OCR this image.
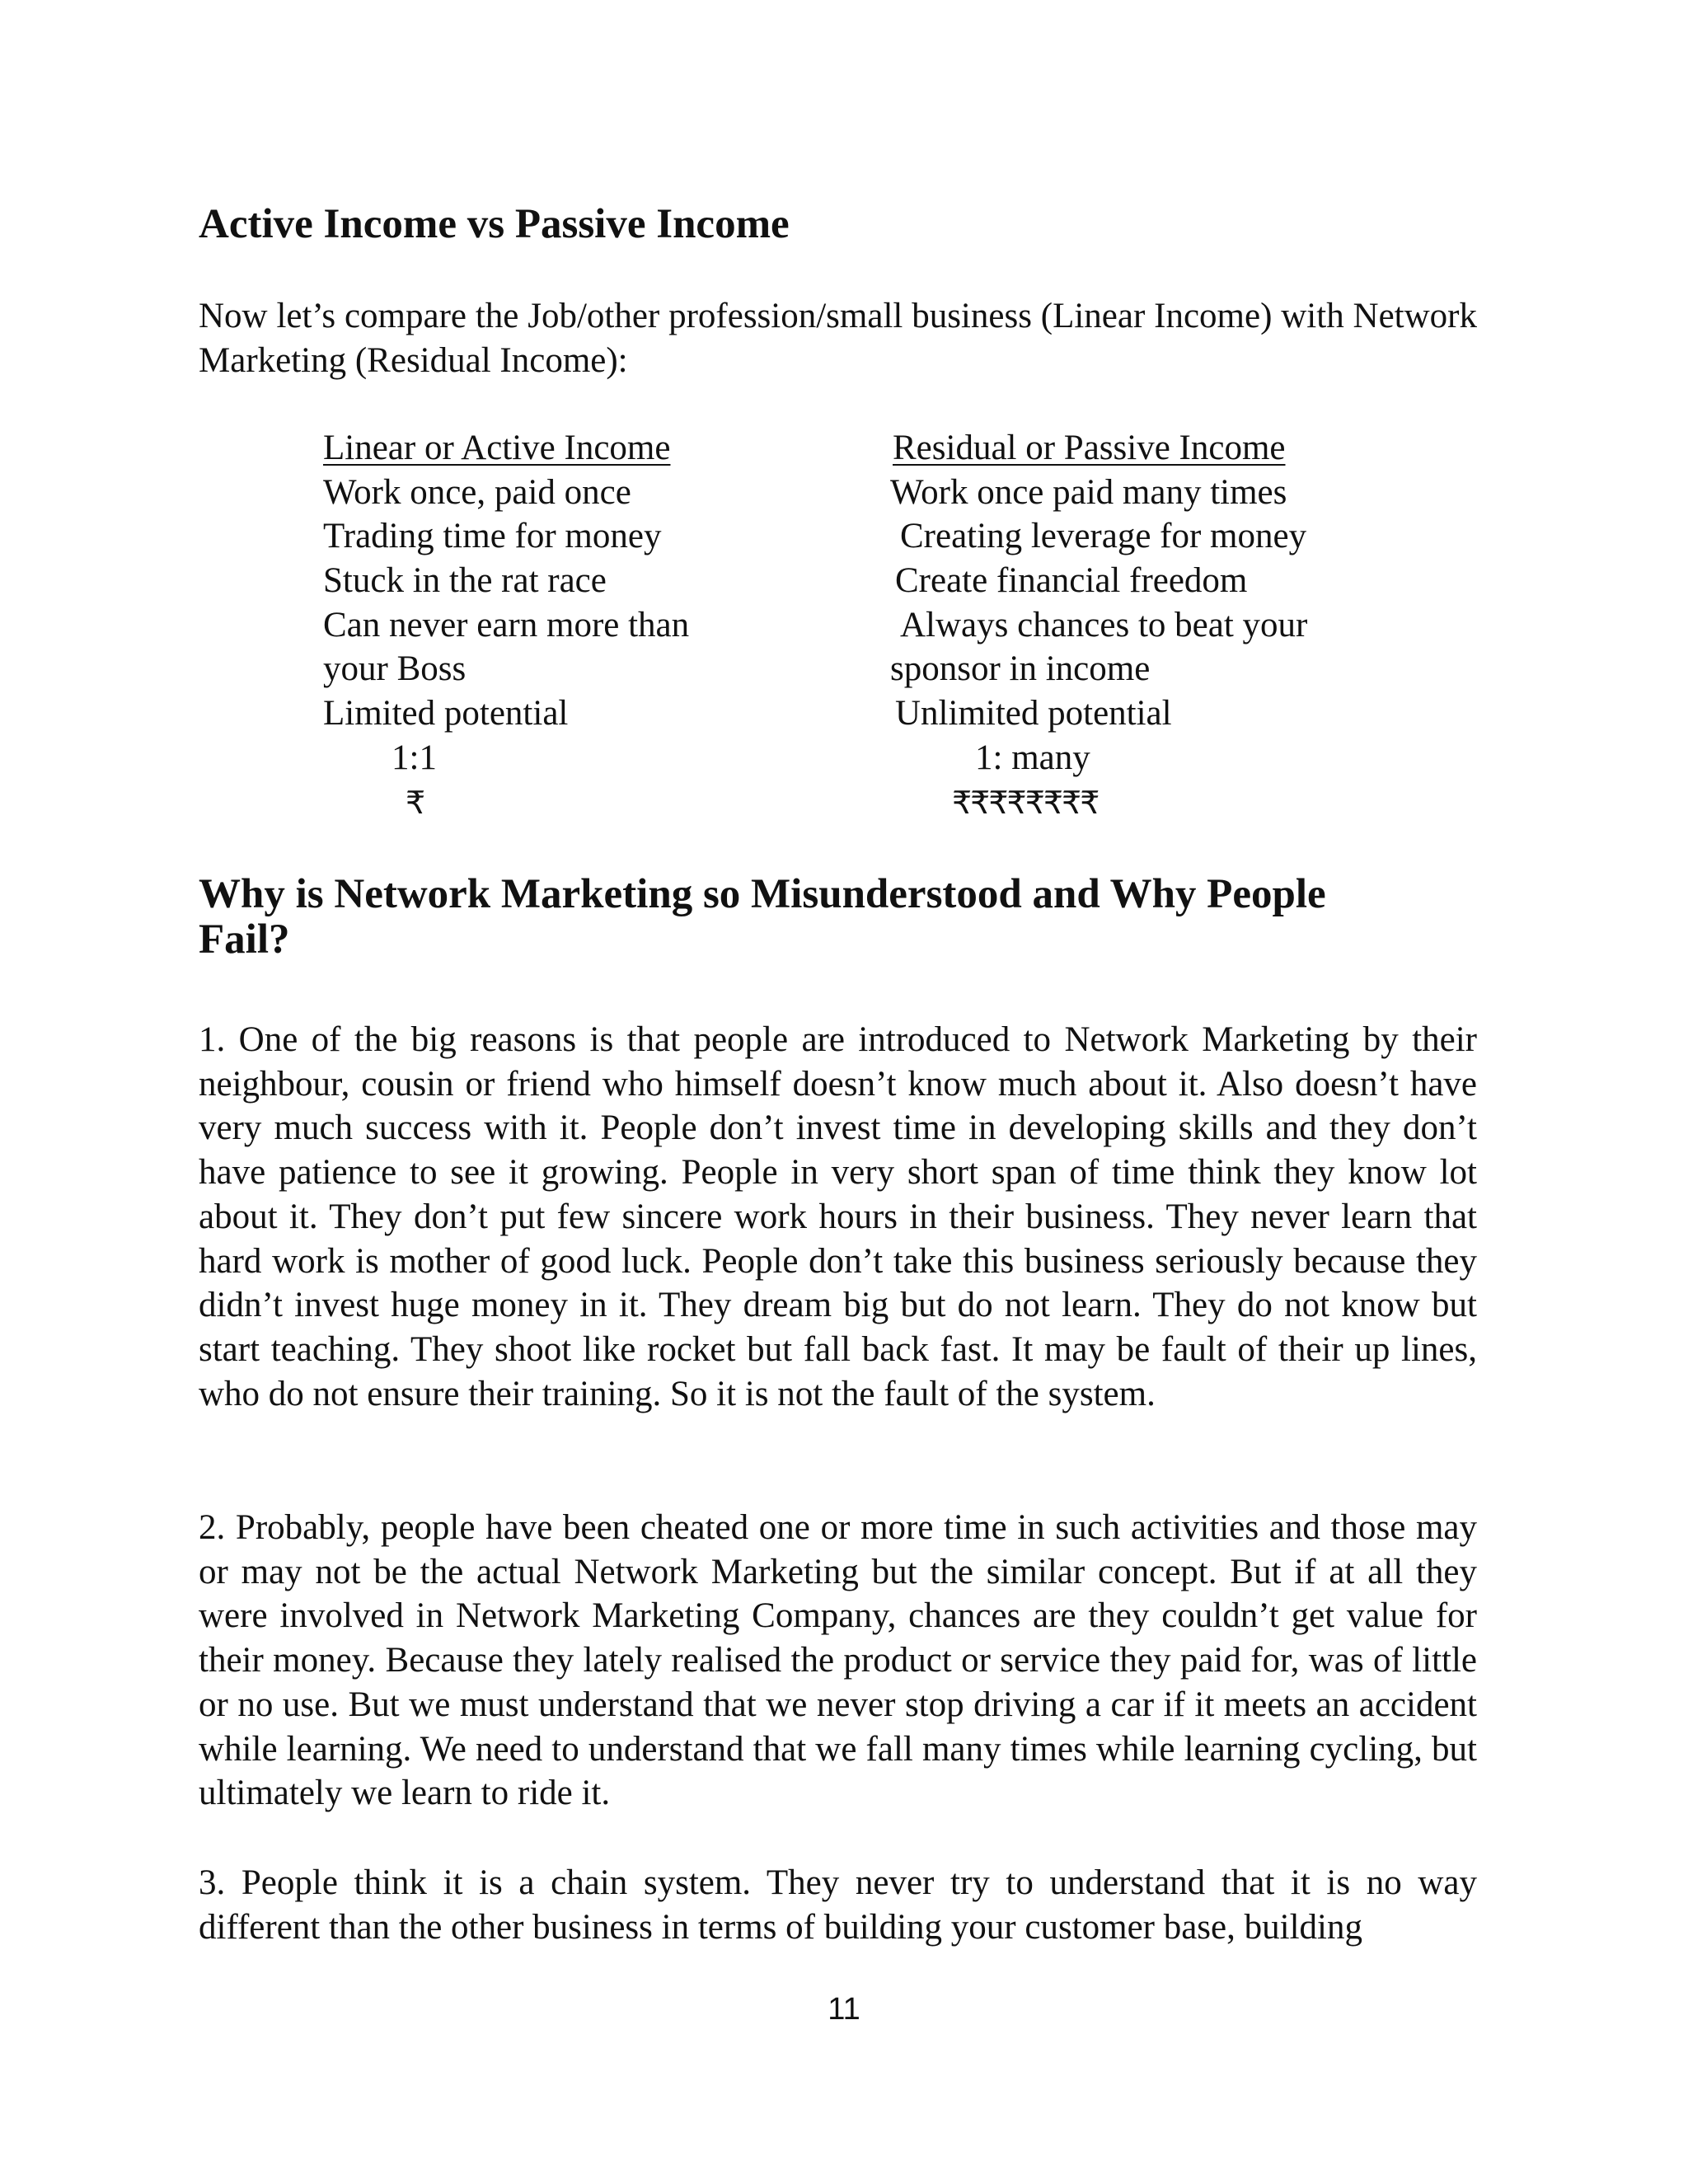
Active Income vs Passive Income

Now let’s compare the Job/other profession/small business (Linear Income) with Network Marketing (Residual Income):

Linear or Active Income
Work once, paid once
Trading time for money
Stuck in the rat race
Can never earn more than
your Boss
Limited potential
1:1
₹
Residual or Passive Income
Work once paid many times
Creating leverage for money
Create financial freedom
Always chances to beat your
sponsor in income
Unlimited potential
1: many
₹₹₹₹₹₹₹₹
Why is Network Marketing so Misunderstood and Why People
Fail?

1. One of the big reasons is that people are introduced to Network Marketing by their neighbour, cousin or friend who himself doesn’t know much about it. Also doesn’t have very much success with it. People don’t invest time in developing skills and they don’t have patience to see it growing. People in very short span of time think they know lot about it. They don’t put few sincere work hours in their business. They never learn that hard work is mother of good luck. People don’t take this business seriously because they didn’t invest huge money in it. They dream big but do not learn. They do not know but start teaching. They shoot like rocket but fall back fast. It may be fault of their up lines, who do not ensure their training. So it is not the fault of the system.

2. Probably, people have been cheated one or more time in such activities and those may or may not be the actual Network Marketing but the similar concept. But if at all they were involved in Network Marketing Company, chances are they couldn’t get value for their money. Because they lately realised the product or service they paid for, was of little or no use. But we must understand that we never stop driving a car if it meets an accident while learning. We need to understand that we fall many times while learning cycling, but ultimately we learn to ride it.

3. People think it is a chain system. They never try to understand that it is no way different than the other business in terms of building your customer base, building

11
